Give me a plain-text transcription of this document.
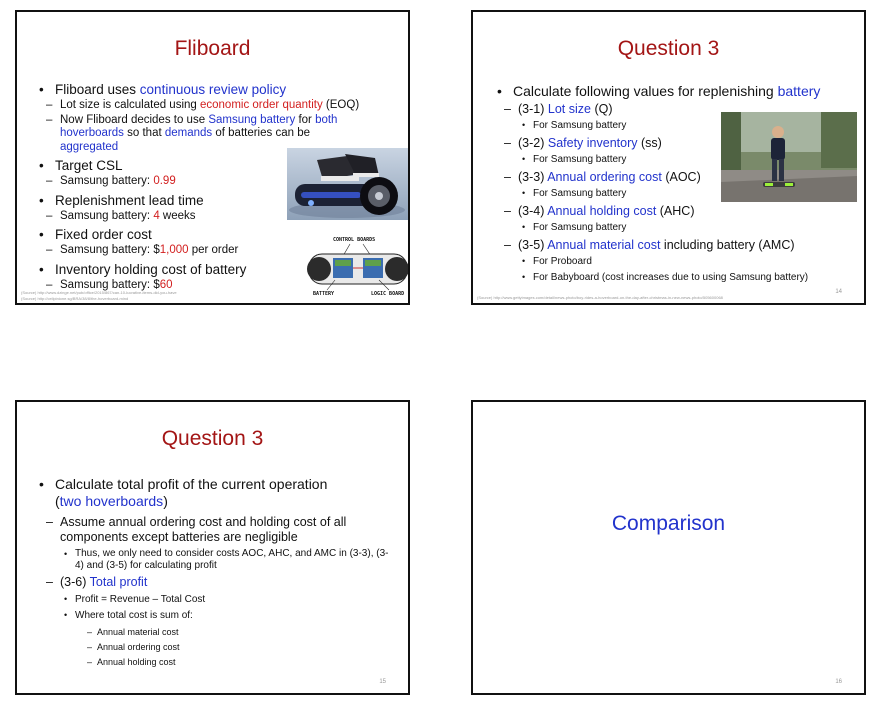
Fliboard
• Fliboard uses continuous review policy
– Lot size is calculated using economic order quantity (EOQ)
– Now Fliboard decides to use Samsung battery for both hoverboards so that demands of batteries can be aggregated
• Target CSL
– Samsung battery: 0.99
• Replenishment lead time
– Samsung battery: 4 weeks
• Fixed order cost
– Samsung battery: $1,000 per order
• Inventory holding cost of battery
– Samsung battery: $60
CONTROL BOARDS
BATTERY	LOGIC BOARD
(Source) http://www.dzinge.net/pub/office/2015/867/can-10-lucrative-items-did-you-have
(Source) http://cellpinione.sg/BRA/38/8/the-hoverboard-mind
Question 3
• Calculate following values for replenishing battery
– (3-1) Lot size (Q)
• For Samsung battery
– (3-2) Safety inventory (ss)
• For Samsung battery
– (3-3) Annual ordering cost (AOC)
• For Samsung battery
– (3-4) Annual holding cost (AHC)
• For Samsung battery
– (3-5) Annual material cost including battery (AMC)
• For Proboard
• For Babyboard (cost increases due to using Samsung battery)
14
(Source) http://www.gettyimages.com/detail/news-photo/boy-rides-a-hoverboard-on-the-day-after-christmas-in-new-news-photo/505600068
Question 3
• Calculate total profit of the current operation
(two hoverboards)
– Assume annual ordering cost and holding cost of all components except batteries are negligible
• Thus, we only need to consider costs AOC, AHC, and AMC in (3-3), (3-4) and (3-5) for calculating profit
– (3-6) Total profit
• Profit = Revenue – Total Cost
• Where total cost is sum of:
– Annual material cost
– Annual ordering cost
– Annual holding cost
15
Comparison
16
